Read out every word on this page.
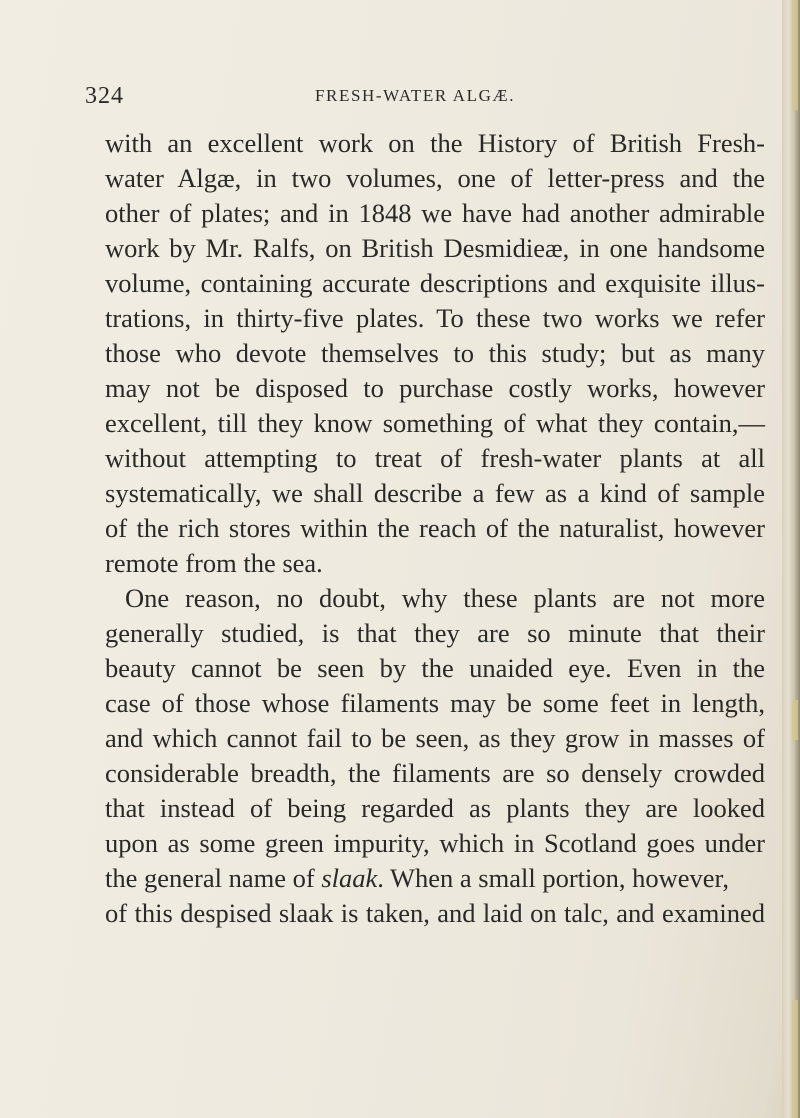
324	FRESH-WATER ALGÆ.
with an excellent work on the History of British Fresh-
water Algæ, in two volumes, one of letter-press and the
other of plates; and in 1848 we have had another admirable
work by Mr. Ralfs, on British Desmidieæ, in one handsome
volume, containing accurate descriptions and exquisite illus-
trations, in thirty-five plates. To these two works we refer
those who devote themselves to this study; but as many
may not be disposed to purchase costly works, however
excellent, till they know something of what they contain,—
without attempting to treat of fresh-water plants at all
systematically, we shall describe a few as a kind of sample
of the rich stores within the reach of the naturalist, however
remote from the sea.
One reason, no doubt, why these plants are not more
generally studied, is that they are so minute that their
beauty cannot be seen by the unaided eye. Even in the
case of those whose filaments may be some feet in length,
and which cannot fail to be seen, as they grow in masses of
considerable breadth, the filaments are so densely crowded
that instead of being regarded as plants they are looked
upon as some green impurity, which in Scotland goes under
the general name of slaak. When a small portion, however,
of this despised slaak is taken, and laid on talc, and examined
